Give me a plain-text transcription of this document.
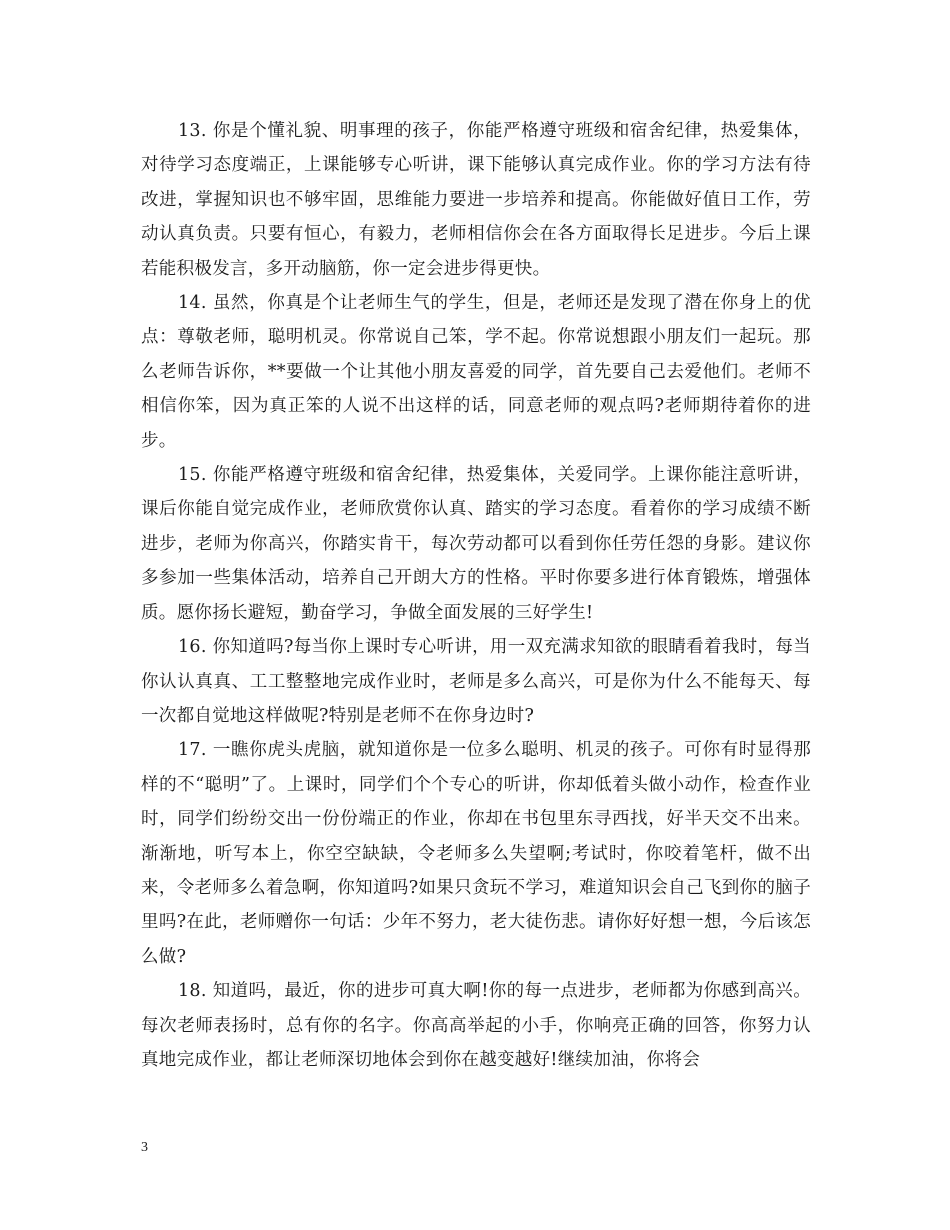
13. 你是个懂礼貌、明事理的孩子，你能严格遵守班级和宿舍纪律，热爱集体，对待学习态度端正，上课能够专心听讲，课下能够认真完成作业。你的学习方法有待改进，掌握知识也不够牢固，思维能力要进一步培养和提高。你能做好值日工作，劳动认真负责。只要有恒心，有毅力，老师相信你会在各方面取得长足进步。今后上课若能积极发言，多开动脑筋，你一定会进步得更快。

14. 虽然，你真是个让老师生气的学生，但是，老师还是发现了潜在你身上的优点：尊敬老师，聪明机灵。你常说自己笨，学不起。你常说想跟小朋友们一起玩。那么老师告诉你，**要做一个让其他小朋友喜爱的同学，首先要自己去爱他们。老师不相信你笨，因为真正笨的人说不出这样的话，同意老师的观点吗?老师期待着你的进步。

15. 你能严格遵守班级和宿舍纪律，热爱集体，关爱同学。上课你能注意听讲，课后你能自觉完成作业，老师欣赏你认真、踏实的学习态度。看着你的学习成绩不断进步，老师为你高兴，你踏实肯干，每次劳动都可以看到你任劳任怨的身影。建议你多参加一些集体活动，培养自己开朗大方的性格。平时你要多进行体育锻炼，增强体质。愿你扬长避短，勤奋学习，争做全面发展的三好学生!

16. 你知道吗?每当你上课时专心听讲，用一双充满求知欲的眼睛看着我时，每当你认认真真、工工整整地完成作业时，老师是多么高兴，可是你为什么不能每天、每一次都自觉地这样做呢?特别是老师不在你身边时?

17. 一瞧你虎头虎脑，就知道你是一位多么聪明、机灵的孩子。可你有时显得那样的不“聪明”了。上课时，同学们个个专心的听讲，你却低着头做小动作，检查作业时，同学们纷纷交出一份份端正的作业，你却在书包里东寻西找，好半天交不出来。渐渐地，听写本上，你空空缺缺，令老师多么失望啊;考试时，你咬着笔杆，做不出来，令老师多么着急啊，你知道吗?如果只贪玩不学习，难道知识会自己飞到你的脑子里吗?在此，老师赠你一句话：少年不努力，老大徒伤悲。请你好好想一想，今后该怎么做?

18. 知道吗，最近，你的进步可真大啊!你的每一点进步，老师都为你感到高兴。每次老师表扬时，总有你的名字。你高高举起的小手，你响亮正确的回答，你努力认真地完成作业，都让老师深切地体会到你在越变越好!继续加油，你将会

3
